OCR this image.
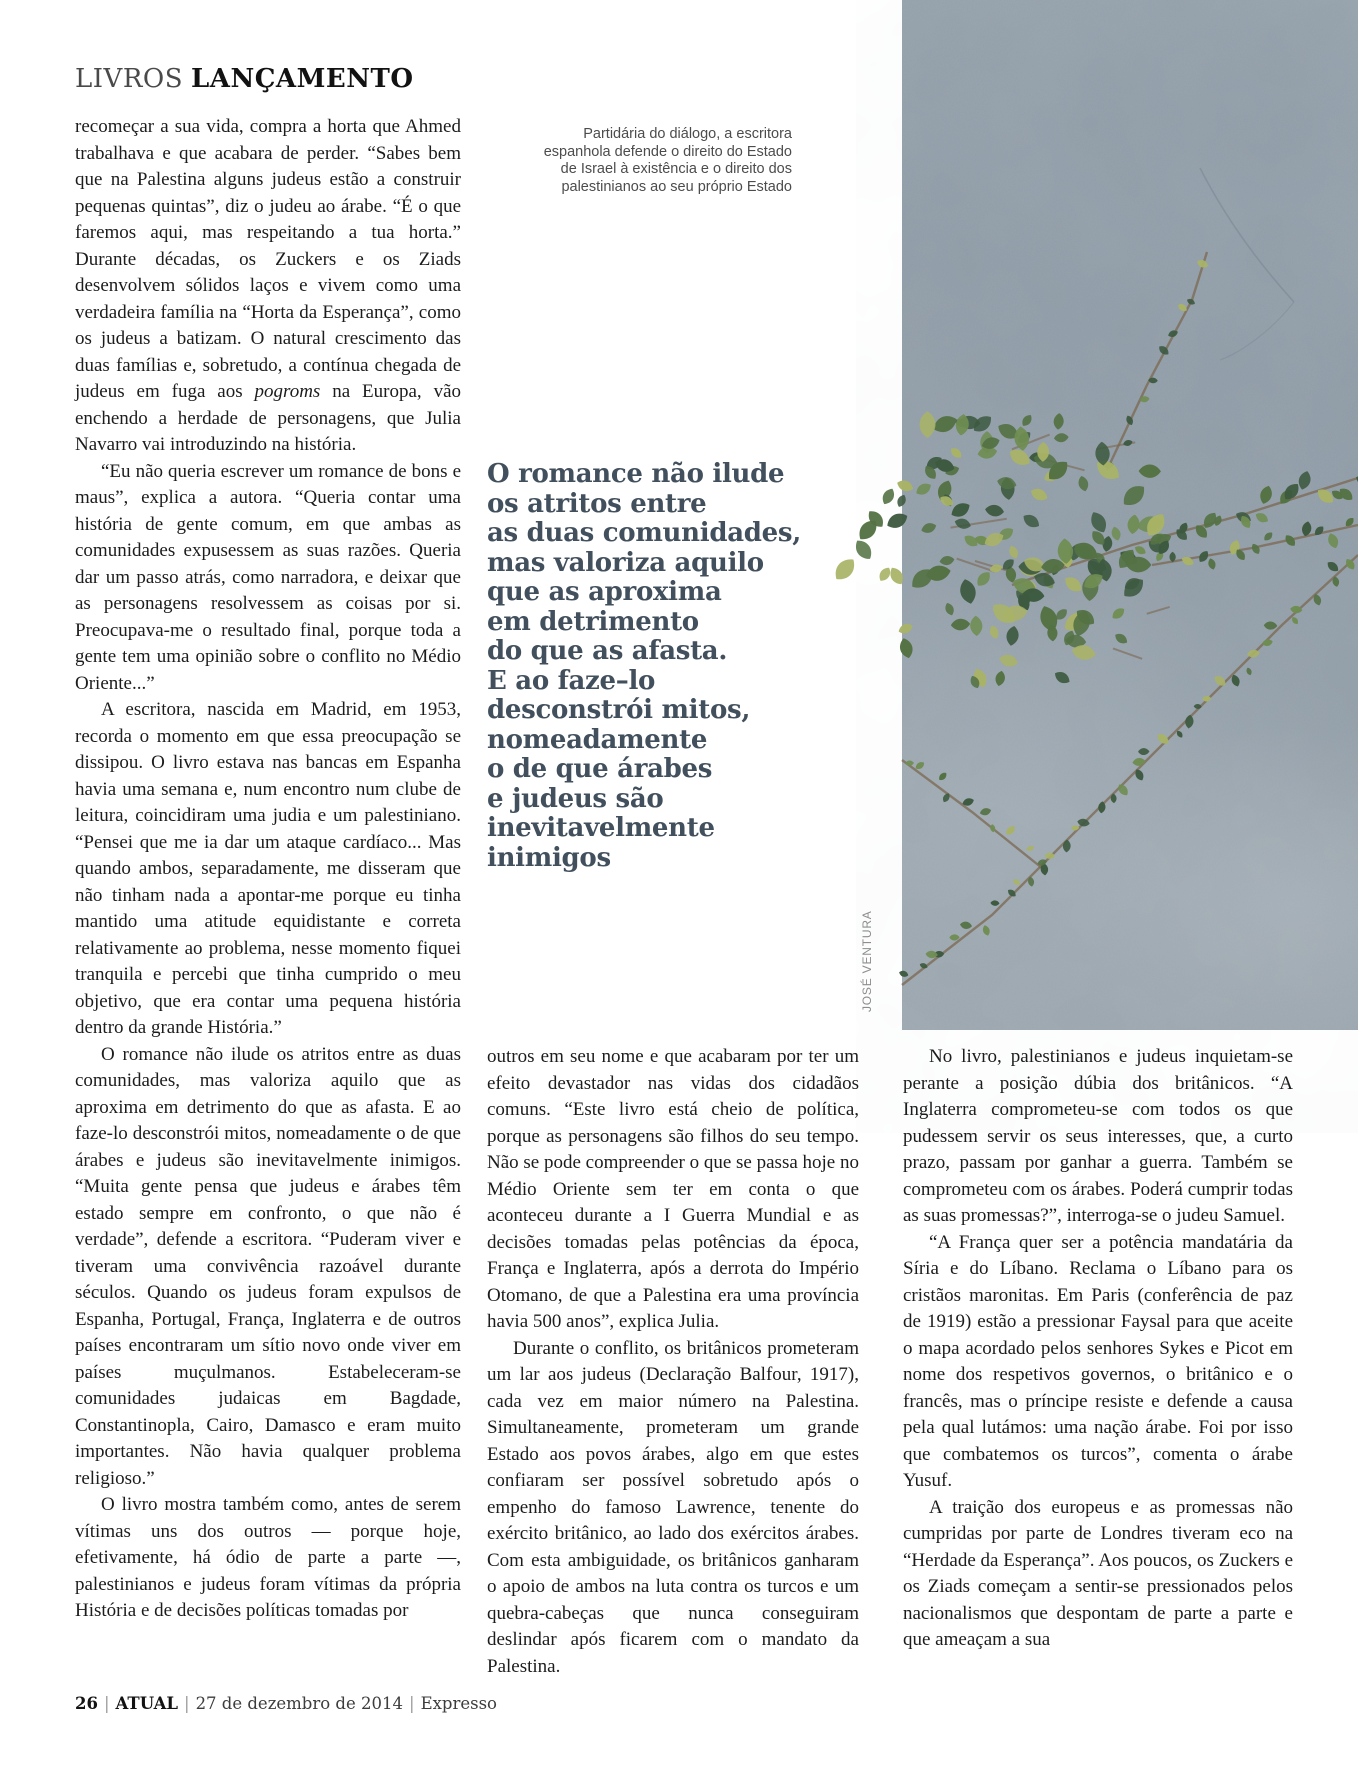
LIVROS LANÇAMENTO

recomeçar a sua vida, compra a horta que Ahmed trabalhava e que acabara de perder. “Sabes bem que na Palestina alguns judeus estão a construir pequenas quintas”, diz o judeu ao árabe. “É o que faremos aqui, mas respeitando a tua horta.” Durante décadas, os Zuckers e os Ziads desenvolvem sólidos laços e vivem como uma verdadeira família na “Horta da Esperança”, como os judeus a batizam. O natural crescimento das duas famílias e, sobretudo, a contínua chegada de judeus em fuga aos pogroms na Europa, vão enchendo a herdade de personagens, que Julia Navarro vai introduzindo na história.

“Eu não queria escrever um romance de bons e maus”, explica a autora. “Queria contar uma história de gente comum, em que ambas as comunidades expusessem as suas razões. Queria dar um passo atrás, como narradora, e deixar que as personagens resolvessem as coisas por si. Preocupava-me o resultado final, porque toda a gente tem uma opinião sobre o conflito no Médio Oriente...”

A escritora, nascida em Madrid, em 1953, recorda o momento em que essa preocupação se dissipou. O livro estava nas bancas em Espanha havia uma semana e, num encontro num clube de leitura, coincidiram uma judia e um palestiniano. “Pensei que me ia dar um ataque cardíaco... Mas quando ambos, separadamente, me disseram que não tinham nada a apontar-me porque eu tinha mantido uma atitude equidistante e correta relativamente ao problema, nesse momento fiquei tranquila e percebi que tinha cumprido o meu objetivo, que era contar uma pequena história dentro da grande História.”

O romance não ilude os atritos entre as duas comunidades, mas valoriza aquilo que as aproxima em detrimento do que as afasta. E ao faze-lo desconstrói mitos, nomeadamente o de que árabes e judeus são inevitavelmente inimigos. “Muita gente pensa que judeus e árabes têm estado sempre em confronto, o que não é verdade”, defende a escritora. “Puderam viver e tiveram uma convivência razoável durante séculos. Quando os judeus foram expulsos de Espanha, Portugal, França, Inglaterra e de outros países encontraram um sítio novo onde viver em países muçulmanos. Estabeleceram-se comunidades judaicas em Bagdade, Constantinopla, Cairo, Damasco e eram muito importantes. Não havia qualquer problema religioso.”

O livro mostra também como, antes de serem vítimas uns dos outros — porque hoje, efetivamente, há ódio de parte a parte —, palestinianos e judeus foram vítimas da própria História e de decisões políticas tomadas por

Partidária do diálogo, a escritora
espanhola defende o direito do Estado
de Israel à existência e o direito dos
palestinianos ao seu próprio Estado
O romance não ilude
os atritos entre
as duas comunidades,
mas valoriza aquilo
que as aproxima
em detrimento
do que as afasta.
E ao faze–lo
desconstrói mitos,
nomeadamente
o de que árabes
e judeus são
inevitavelmente
inimigos
JOSÉ VENTURA

outros em seu nome e que acabaram por ter um efeito devastador nas vidas dos cidadãos comuns. “Este livro está cheio de política, porque as personagens são filhos do seu tempo. Não se pode compreender o que se passa hoje no Médio Oriente sem ter em conta o que aconteceu durante a I Guerra Mundial e as decisões tomadas pelas potências da época, França e Inglaterra, após a derrota do Império Otomano, de que a Palestina era uma província havia 500 anos”, explica Julia.

Durante o conflito, os britânicos prometeram um lar aos judeus (Declaração Balfour, 1917), cada vez em maior número na Palestina. Simultaneamente, prometeram um grande Estado aos povos árabes, algo em que estes confiaram ser possível sobretudo após o empenho do famoso Lawrence, tenente do exército britânico, ao lado dos exércitos árabes. Com esta ambiguidade, os britânicos ganharam o apoio de ambos na luta contra os turcos e um quebra-cabeças que nunca conseguiram deslindar após ficarem com o mandato da Palestina.

No livro, palestinianos e judeus inquietam-se perante a posição dúbia dos britânicos. “A Inglaterra comprometeu-se com todos os que pudessem servir os seus interesses, que, a curto prazo, passam por ganhar a guerra. Também se comprometeu com os árabes. Poderá cumprir todas as suas promessas?”, interroga-se o judeu Samuel.

“A França quer ser a potência mandatária da Síria e do Líbano. Reclama o Líbano para os cristãos maronitas. Em Paris (conferência de paz de 1919) estão a pressionar Faysal para que aceite o mapa acordado pelos senhores Sykes e Picot em nome dos respetivos governos, o britânico e o francês, mas o príncipe resiste e defende a causa pela qual lutámos: uma nação árabe. Foi por isso que combatemos os turcos”, comenta o árabe Yusuf.

A traição dos europeus e as promessas não cumpridas por parte de Londres tiveram eco na “Herdade da Esperança”. Aos poucos, os Zuckers e os Ziads começam a sentir-se pressionados pelos nacionalismos que despontam de parte a parte e que ameaçam a sua

26 | ATUAL | 27 de dezembro de 2014 | Expresso
